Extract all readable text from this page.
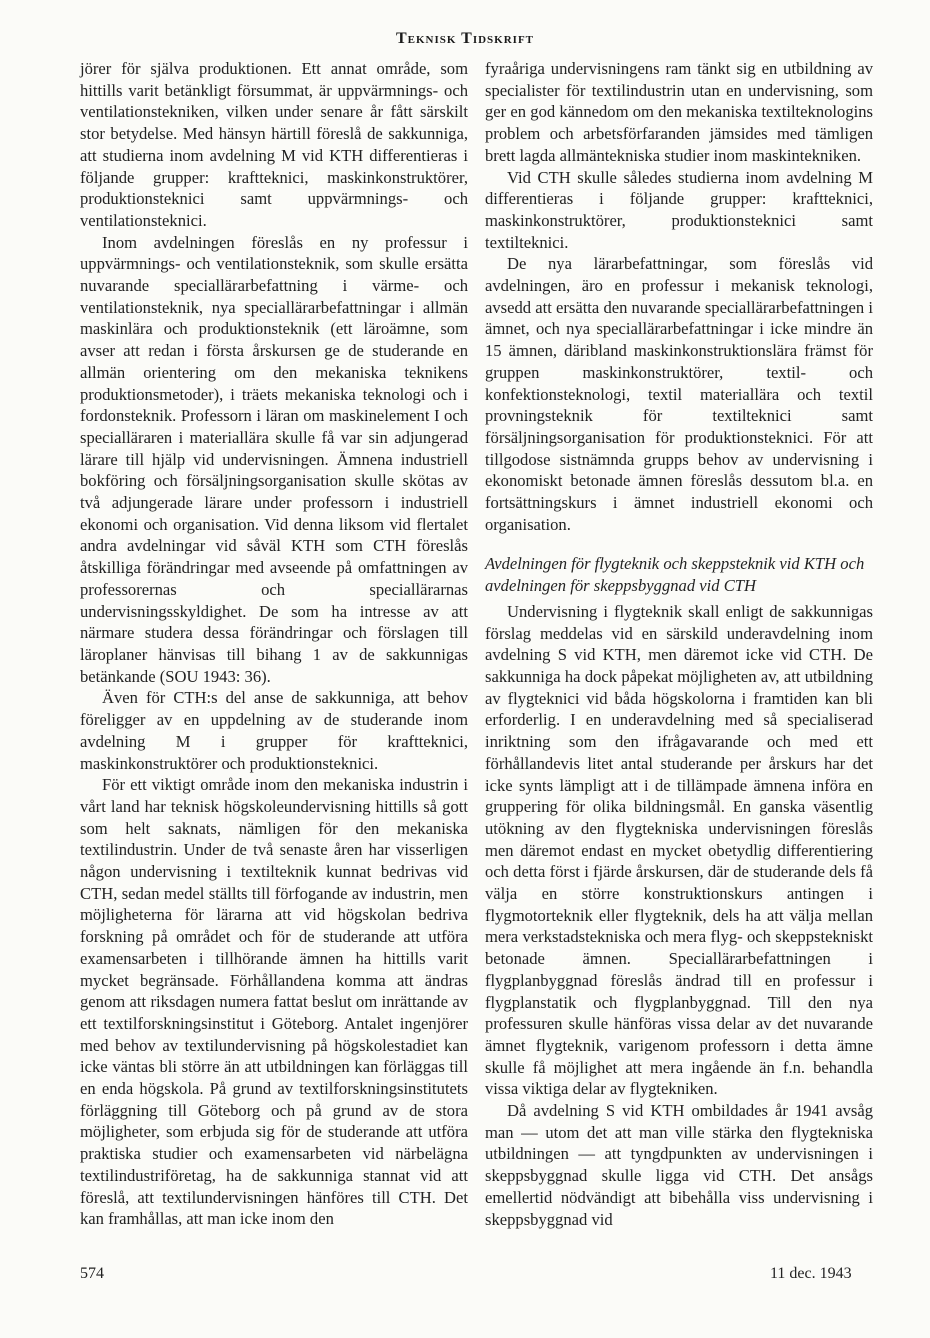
Teknisk Tidskrift

jörer för själva produktionen. Ett annat område, som hittills varit betänkligt försummat, är uppvärmnings- och ventilationstekniken, vilken under senare år fått särskilt stor betydelse. Med hänsyn härtill föreslå de sakkunniga, att studierna inom avdelning M vid KTH differentieras i följande grupper: kraftteknici, maskinkonstruktörer, produktionsteknici samt uppvärmnings- och ventilationsteknici.

Inom avdelningen föreslås en ny professur i uppvärmnings- och ventilationsteknik, som skulle ersätta nuvarande speciallärarbefattning i värme- och ventilationsteknik, nya speciallärarbefattningar i allmän maskinlära och produktionsteknik (ett läroämne, som avser att redan i första årskursen ge de studerande en allmän orientering om den mekaniska teknikens produktionsmetoder), i träets mekaniska teknologi och i fordonsteknik. Professorn i läran om maskinelement I och specialläraren i materiallära skulle få var sin adjungerad lärare till hjälp vid undervisningen. Ämnena industriell bokföring och försäljningsorganisation skulle skötas av två adjungerade lärare under professorn i industriell ekonomi och organisation. Vid denna liksom vid flertalet andra avdelningar vid såväl KTH som CTH föreslås åtskilliga förändringar med avseende på omfattningen av professorernas och speciallärarnas undervisningsskyldighet. De som ha intresse av att närmare studera dessa förändringar och förslagen till läroplaner hänvisas till bihang 1 av de sakkunnigas betänkande (SOU 1943: 36).

Även för CTH:s del anse de sakkunniga, att behov föreligger av en uppdelning av de studerande inom avdelning M i grupper för kraftteknici, maskinkonstruktörer och produktionsteknici.

För ett viktigt område inom den mekaniska industrin i vårt land har teknisk högskoleundervisning hittills så gott som helt saknats, nämligen för den mekaniska textilindustrin. Under de två senaste åren har visserligen någon undervisning i textilteknik kunnat bedrivas vid CTH, sedan medel ställts till förfogande av industrin, men möjligheterna för lärarna att vid högskolan bedriva forskning på området och för de studerande att utföra examensarbeten i tillhörande ämnen ha hittills varit mycket begränsade. Förhållandena komma att ändras genom att riksdagen numera fattat beslut om inrättande av ett textilforskningsinstitut i Göteborg. Antalet ingenjörer med behov av textilundervisning på högskolestadiet kan icke väntas bli större än att utbildningen kan förläggas till en enda högskola. På grund av textilforskningsinstitutets förläggning till Göteborg och på grund av de stora möjligheter, som erbjuda sig för de studerande att utföra praktiska studier och examensarbeten vid närbelägna textilindustriföretag, ha de sakkunniga stannat vid att föreslå, att textilundervisningen hänföres till CTH. Det kan framhållas, att man icke inom den

fyraåriga undervisningens ram tänkt sig en utbildning av specialister för textilindustrin utan en undervisning, som ger en god kännedom om den mekaniska textilteknologins problem och arbetsförfaranden jämsides med tämligen brett lagda allmäntekniska studier inom maskintekniken.

Vid CTH skulle således studierna inom avdelning M differentieras i följande grupper: kraftteknici, maskinkonstruktörer, produktionsteknici samt textilteknici.

De nya lärarbefattningar, som föreslås vid avdelningen, äro en professur i mekanisk teknologi, avsedd att ersätta den nuvarande speciallärarbefattningen i ämnet, och nya speciallärarbefattningar i icke mindre än 15 ämnen, däribland maskinkonstruktionslära främst för gruppen maskinkonstruktörer, textil- och konfektionsteknologi, textil materiallära och textil provningsteknik för textilteknici samt försäljningsorganisation för produktionsteknici. För att tillgodose sistnämnda grupps behov av undervisning i ekonomiskt betonade ämnen föreslås dessutom bl.a. en fortsättningskurs i ämnet industriell ekonomi och organisation.

Avdelningen för flygteknik och skeppsteknik vid KTH och avdelningen för skeppsbyggnad vid CTH

Undervisning i flygteknik skall enligt de sakkunnigas förslag meddelas vid en särskild underavdelning inom avdelning S vid KTH, men däremot icke vid CTH. De sakkunniga ha dock påpekat möjligheten av, att utbildning av flygteknici vid båda högskolorna i framtiden kan bli erforderlig. I en underavdelning med så specialiserad inriktning som den ifrågavarande och med ett förhållandevis litet antal studerande per årskurs har det icke synts lämpligt att i de tillämpade ämnena införa en gruppering för olika bildningsmål. En ganska väsentlig utökning av den flygtekniska undervisningen föreslås men däremot endast en mycket obetydlig differentiering och detta först i fjärde årskursen, där de studerande dels få välja en större konstruktionskurs antingen i flygmotorteknik eller flygteknik, dels ha att välja mellan mera verkstadstekniska och mera flyg- och skeppstekniskt betonade ämnen. Speciallärarbefattningen i flygplanbyggnad föreslås ändrad till en professur i flygplanstatik och flygplanbyggnad. Till den nya professuren skulle hänföras vissa delar av det nuvarande ämnet flygteknik, varigenom professorn i detta ämne skulle få möjlighet att mera ingående än f.n. behandla vissa viktiga delar av flygtekniken.

Då avdelning S vid KTH ombildades år 1941 avsåg man — utom det att man ville stärka den flygtekniska utbildningen — att tyngdpunkten av undervisningen i skeppsbyggnad skulle ligga vid CTH. Det ansågs emellertid nödvändigt att bibehålla viss undervisning i skeppsbyggnad vid

574	11 dec. 1943
